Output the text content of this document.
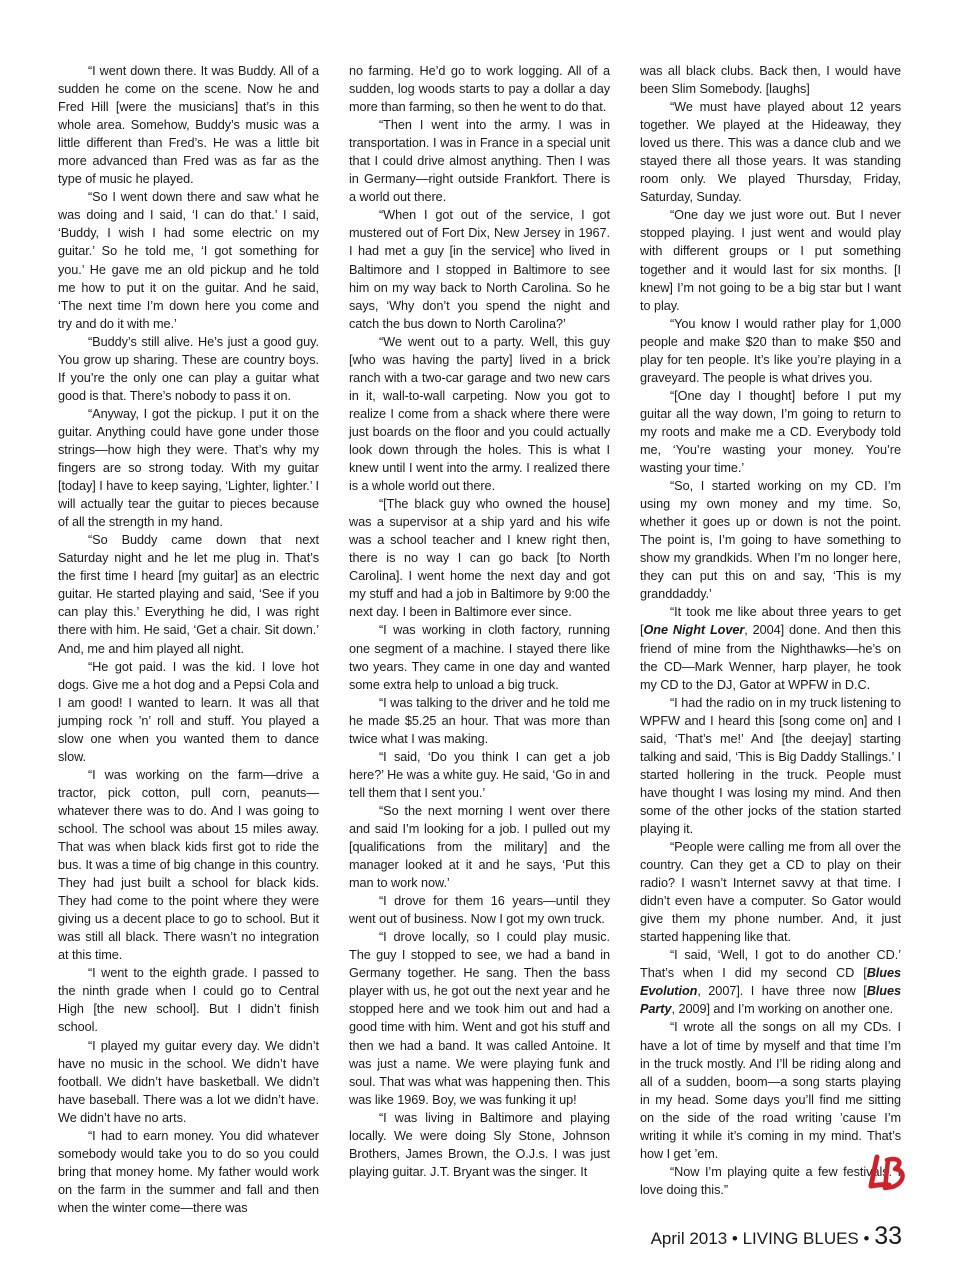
“I went down there. It was Buddy. All of a sudden he come on the scene. Now he and Fred Hill [were the musicians] that’s in this whole area. Somehow, Buddy’s music was a little different than Fred’s. He was a little bit more advanced than Fred was as far as the type of music he played.

“So I went down there and saw what he was doing and I said, ‘I can do that.’ I said, ‘Buddy, I wish I had some electric on my guitar.’ So he told me, ‘I got something for you.’ He gave me an old pickup and he told me how to put it on the guitar. And he said, ‘The next time I’m down here you come and try and do it with me.’

“Buddy’s still alive. He’s just a good guy. You grow up sharing. These are country boys. If you’re the only one can play a guitar what good is that. There’s nobody to pass it on.

“Anyway, I got the pickup. I put it on the guitar. Anything could have gone under those strings—how high they were. That’s why my fingers are so strong today. With my guitar [today] I have to keep saying, ‘Lighter, lighter.’ I will actually tear the guitar to pieces because of all the strength in my hand.

“So Buddy came down that next Saturday night and he let me plug in. That’s the first time I heard [my guitar] as an electric guitar. He started playing and said, ‘See if you can play this.’ Everything he did, I was right there with him. He said, ‘Get a chair. Sit down.’ And, me and him played all night.

“He got paid. I was the kid. I love hot dogs. Give me a hot dog and a Pepsi Cola and I am good! I wanted to learn. It was all that jumping rock ’n’ roll and stuff. You played a slow one when you wanted them to dance slow.

“I was working on the farm—drive a tractor, pick cotton, pull corn, peanuts—whatever there was to do. And I was going to school. The school was about 15 miles away. That was when black kids first got to ride the bus. It was a time of big change in this country. They had just built a school for black kids. They had come to the point where they were giving us a decent place to go to school. But it was still all black. There wasn’t no integration at this time.

“I went to the eighth grade. I passed to the ninth grade when I could go to Central High [the new school]. But I didn’t finish school.

“I played my guitar every day. We didn’t have no music in the school. We didn’t have football. We didn’t have basketball. We didn’t have baseball. There was a lot we didn’t have. We didn’t have no arts.

“I had to earn money. You did whatever somebody would take you to do so you could bring that money home. My father would work on the farm in the summer and fall and then when the winter come—there was

no farming. He’d go to work logging. All of a sudden, log woods starts to pay a dollar a day more than farming, so then he went to do that.

“Then I went into the army. I was in transportation. I was in France in a special unit that I could drive almost anything. Then I was in Germany—right outside Frankfort. There is a world out there.

“When I got out of the service, I got mustered out of Fort Dix, New Jersey in 1967. I had met a guy [in the service] who lived in Baltimore and I stopped in Baltimore to see him on my way back to North Carolina. So he says, ‘Why don’t you spend the night and catch the bus down to North Carolina?’

“We went out to a party. Well, this guy [who was having the party] lived in a brick ranch with a two-car garage and two new cars in it, wall-to-wall carpeting. Now you got to realize I come from a shack where there were just boards on the floor and you could actually look down through the holes. This is what I knew until I went into the army. I realized there is a whole world out there.

“[The black guy who owned the house] was a supervisor at a ship yard and his wife was a school teacher and I knew right then, there is no way I can go back [to North Carolina]. I went home the next day and got my stuff and had a job in Baltimore by 9:00 the next day. I been in Baltimore ever since.

“I was working in cloth factory, running one segment of a machine. I stayed there like two years. They came in one day and wanted some extra help to unload a big truck.

“I was talking to the driver and he told me he made $5.25 an hour. That was more than twice what I was making.

“I said, ‘Do you think I can get a job here?’ He was a white guy. He said, ‘Go in and tell them that I sent you.’

“So the next morning I went over there and said I’m looking for a job. I pulled out my [qualifications from the military] and the manager looked at it and he says, ‘Put this man to work now.’

“I drove for them 16 years—until they went out of business. Now I got my own truck.

“I drove locally, so I could play music. The guy I stopped to see, we had a band in Germany together. He sang. Then the bass player with us, he got out the next year and he stopped here and we took him out and had a good time with him. Went and got his stuff and then we had a band. It was called Antoine. It was just a name. We were playing funk and soul. That was what was happening then. This was like 1969. Boy, we was funking it up!

“I was living in Baltimore and playing locally. We were doing Sly Stone, Johnson Brothers, James Brown, the O.J.s. I was just playing guitar. J.T. Bryant was the singer. It

was all black clubs. Back then, I would have been Slim Somebody. [laughs]

“We must have played about 12 years together. We played at the Hideaway, they loved us there. This was a dance club and we stayed there all those years. It was standing room only. We played Thursday, Friday, Saturday, Sunday.

“One day we just wore out. But I never stopped playing. I just went and would play with different groups or I put something together and it would last for six months. [I knew] I’m not going to be a big star but I want to play.

“You know I would rather play for 1,000 people and make $20 than to make $50 and play for ten people. It’s like you’re playing in a graveyard. The people is what drives you.

“[One day I thought] before I put my guitar all the way down, I’m going to return to my roots and make me a CD. Everybody told me, ‘You’re wasting your money. You’re wasting your time.’

“So, I started working on my CD. I’m using my own money and my time. So, whether it goes up or down is not the point. The point is, I’m going to have something to show my grandkids. When I’m no longer here, they can put this on and say, ‘This is my granddaddy.’

“It took me like about three years to get [One Night Lover, 2004] done. And then this friend of mine from the Nighthawks—he’s on the CD—Mark Wenner, harp player, he took my CD to the DJ, Gator at WPFW in D.C.

“I had the radio on in my truck listening to WPFW and I heard this [song come on] and I said, ‘That’s me!’ And [the deejay] starting talking and said, ‘This is Big Daddy Stallings.’ I started hollering in the truck. People must have thought I was losing my mind. And then some of the other jocks of the station started playing it.

“People were calling me from all over the country. Can they get a CD to play on their radio? I wasn’t Internet savvy at that time. I didn’t even have a computer. So Gator would give them my phone number. And, it just started happening like that.

“I said, ‘Well, I got to do another CD.’ That’s when I did my second CD [Blues Evolution, 2007]. I have three now [Blues Party, 2009] and I’m working on another one.

“I wrote all the songs on all my CDs. I have a lot of time by myself and that time I’m in the truck mostly. And I’ll be riding along and all of a sudden, boom—a song starts playing in my head. Some days you’ll find me sitting on the side of the road writing ’cause I’m writing it while it’s coming in my mind. That’s how I get ’em.

“Now I’m playing quite a few festivals. I love doing this.”

April 2013 • LIVING BLUES • 33
